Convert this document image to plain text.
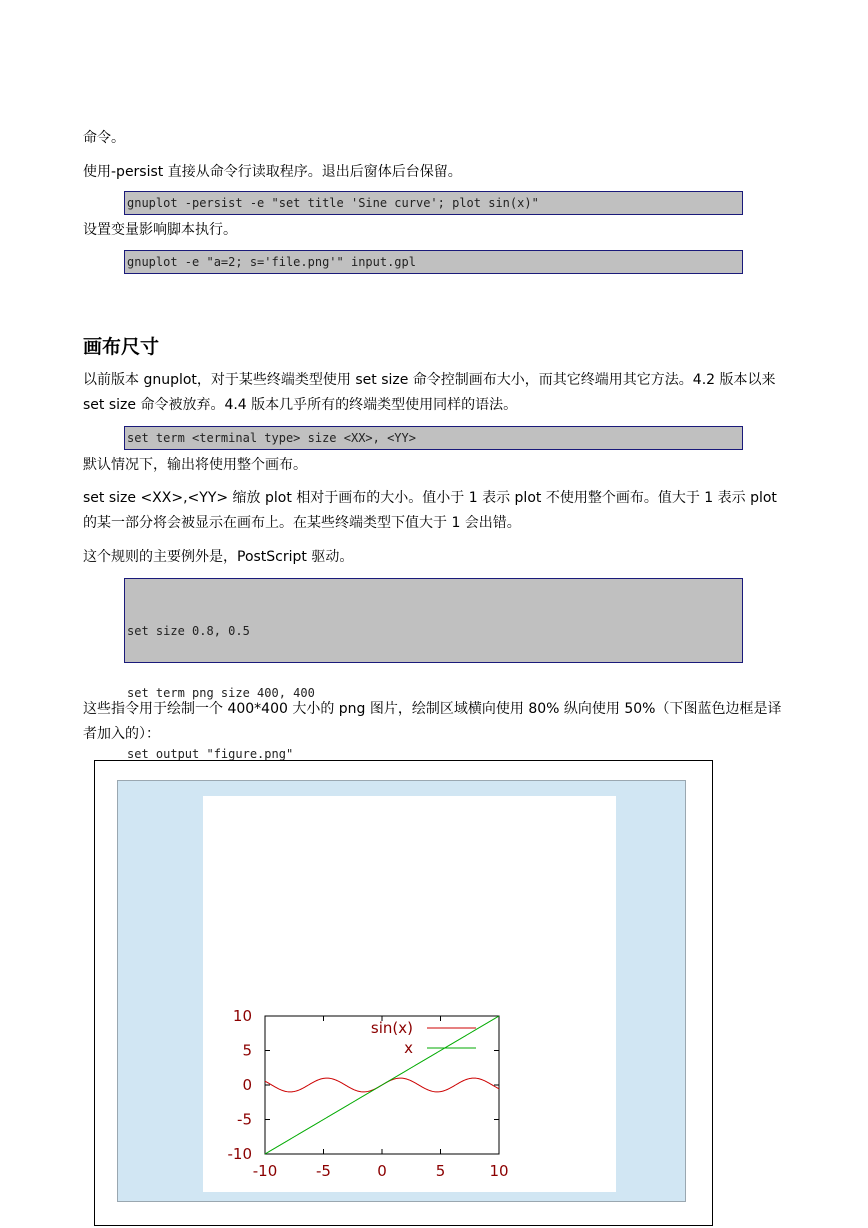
命令。
使用-persist 直接从命令行读取程序。退出后窗体后台保留。
gnuplot -persist -e "set title 'Sine curve'; plot sin(x)"
设置变量影响脚本执行。
gnuplot -e "a=2; s='file.png'" input.gpl
画布尺寸
以前版本 gnuplot，对于某些终端类型使用 set size 命令控制画布大小，而其它终端用其它方法。4.2 版本以来 set size 命令被放弃。4.4 版本几乎所有的终端类型使用同样的语法。
set term <terminal type> size <XX>, <YY>
默认情况下，输出将使用整个画布。
set size <XX>,<YY> 缩放 plot 相对于画布的大小。值小于 1 表示 plot 不使用整个画布。值大于 1 表示 plot 的某一部分将会被显示在画布上。在某些终端类型下值大于 1 会出错。
这个规则的主要例外是，PostScript 驱动。

set size 0.8, 0.5

set term png size 400, 400

set output "figure.png"

这些指令用于绘制一个 400*400 大小的 png 图片，绘制区域横向使用 80% 纵向使用 50%（下图蓝色边框是译者加入的）：
-10	-5	0	5	10
10
5
0
-5
-10
sin(x)
x
